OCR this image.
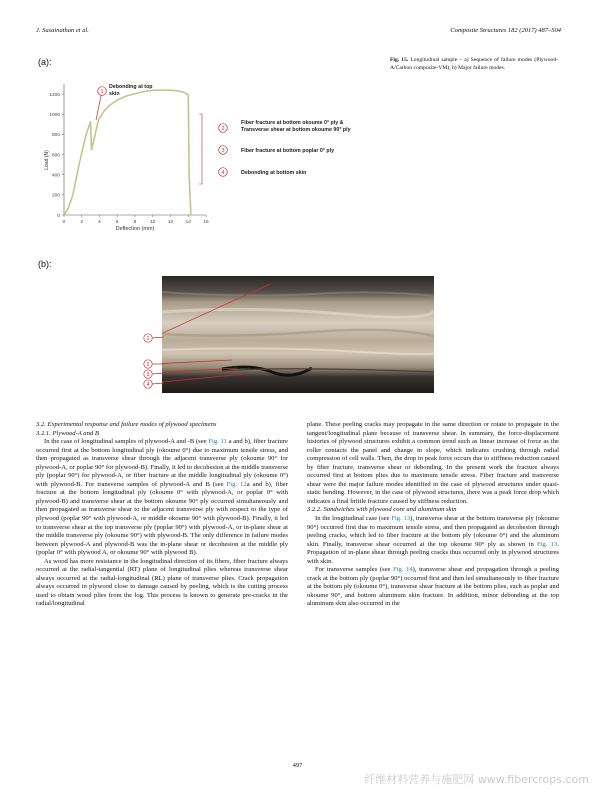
J. Susainathan et al.	Composite Structures 182 (2017) 487–504
(a):	Fig. 15. Longitudinal sample – a) Sequence of failure modes (Plywood-A/Carbon composite-VM), b) Major failure modes.
0
200
400
600
800
1000
1200
0	2	4	6	8	10	12	14	16
Load (N)
Deflection (mm)
1
Debonding at top
skin
2
Fiber fracture at bottom okoume 0° ply &
Transverse shear at bottom okoume 90° ply
3	Fiber fracture at bottom poplar 0° ply
4	Debonding at bottom skin
(b):
1
2
3
4

3.2. Experimental response and failure modes of plywood specimens

3.2.1. Plywood-A and B

In the case of longitudinal samples of plywood-A and -B (see Fig. 11 a and b), fiber fracture occurred first at the bottom longitudinal ply (okoume 0°) due to maximum tensile stress, and then propagated as transverse shear through the adjacent transverse ply (okoume 90° for plywood-A, or poplar 90° for plywood-B). Finally, it led to decohesion at the middle transverse ply (poplar 90°) for plywood-A, or fiber fracture at the middle longitudinal ply (okoume 0°) with plywood-B. For transverse samples of plywood-A and B (see Fig. 12a and b), fiber fracture at the bottom longitudinal ply (okoume 0° with plywood-A, or poplar 0° with plywood-B) and transverse shear at the bottom okoume 90° ply occurred simultaneously and then propagated as transverse shear to the adjacent transverse ply with respect to the type of plywood (poplar 90° with plywood-A, or middle okoume 90° with plywood-B). Finally, it led to transverse shear at the top transverse ply (poplar 90°) with plywood-A, or in-plane shear at the middle transverse ply (okoume 90°) with plywood-B. The only difference in failure modes between plywood-A and plywood-B was the in-plane shear or decohesion at the middle ply (poplar 0° with plywood A, or okoume 90° with plywood B).

As wood has more resistance in the longitudinal direction of its fibers, fiber fracture always occurred at the radial-tangential (RT) plane of longitudinal plies whereas transverse shear always occurred at the radial-longitudinal (RL) plane of transverse plies. Crack propagation always occurred in plywood close to damage caused by peeling, which is the cutting process used to obtain wood plies from the log. This process is known to generate pre-cracks in the radial/longitudinal

plane. These peeling cracks may propagate in the same direction or rotate to propagate in the tangent/longitudinal plane because of transverse shear. In summary, the force-displacement histories of plywood structures exhibit a common trend such as linear increase of force as the roller contacts the panel and change in slope, which indicates crushing through radial compression of cell walls. Then, the drop in peak force occurs due to stiffness reduction caused by fiber fracture, transverse shear or debonding. In the present work the fracture always occurred first at bottom plies due to maximum tensile stress. Fiber fracture and transverse shear were the major failure modes identified in the case of plywood structures under quasi-static bending. However, in the case of plywood structures, there was a peak force drop which indicates a final brittle fracture caused by stiffness reduction.

3.2.2. Sandwiches with plywood core and aluminum skin

In the longitudinal case (see Fig. 13), transverse shear at the bottom transverse ply (okoume 90°) occurred first due to maximum tensile stress, and then propagated as decohesion through peeling cracks, which led to fiber fracture at the bottom ply (okoume 0°) and the aluminum skin. Finally, transverse shear occurred at the top okoume 90° ply as shown in Fig. 13. Propagation of in-plane shear through peeling cracks thus occurred only in plywood structures with skin.

For transverse samples (see Fig. 14), transverse shear and propagation through a peeling crack at the bottom ply (poplar 90°) occurred first and then led simultaneously to fiber fracture at the bottom ply (okoume 0°), transverse shear fracture at the bottom plies, such as poplar and okoume 90°, and bottom aluminum skin fracture. In addition, minor debonding at the top aluminum skin also occurred in the

497
纤维材料营养与施肥网 www.fibercrops.com
